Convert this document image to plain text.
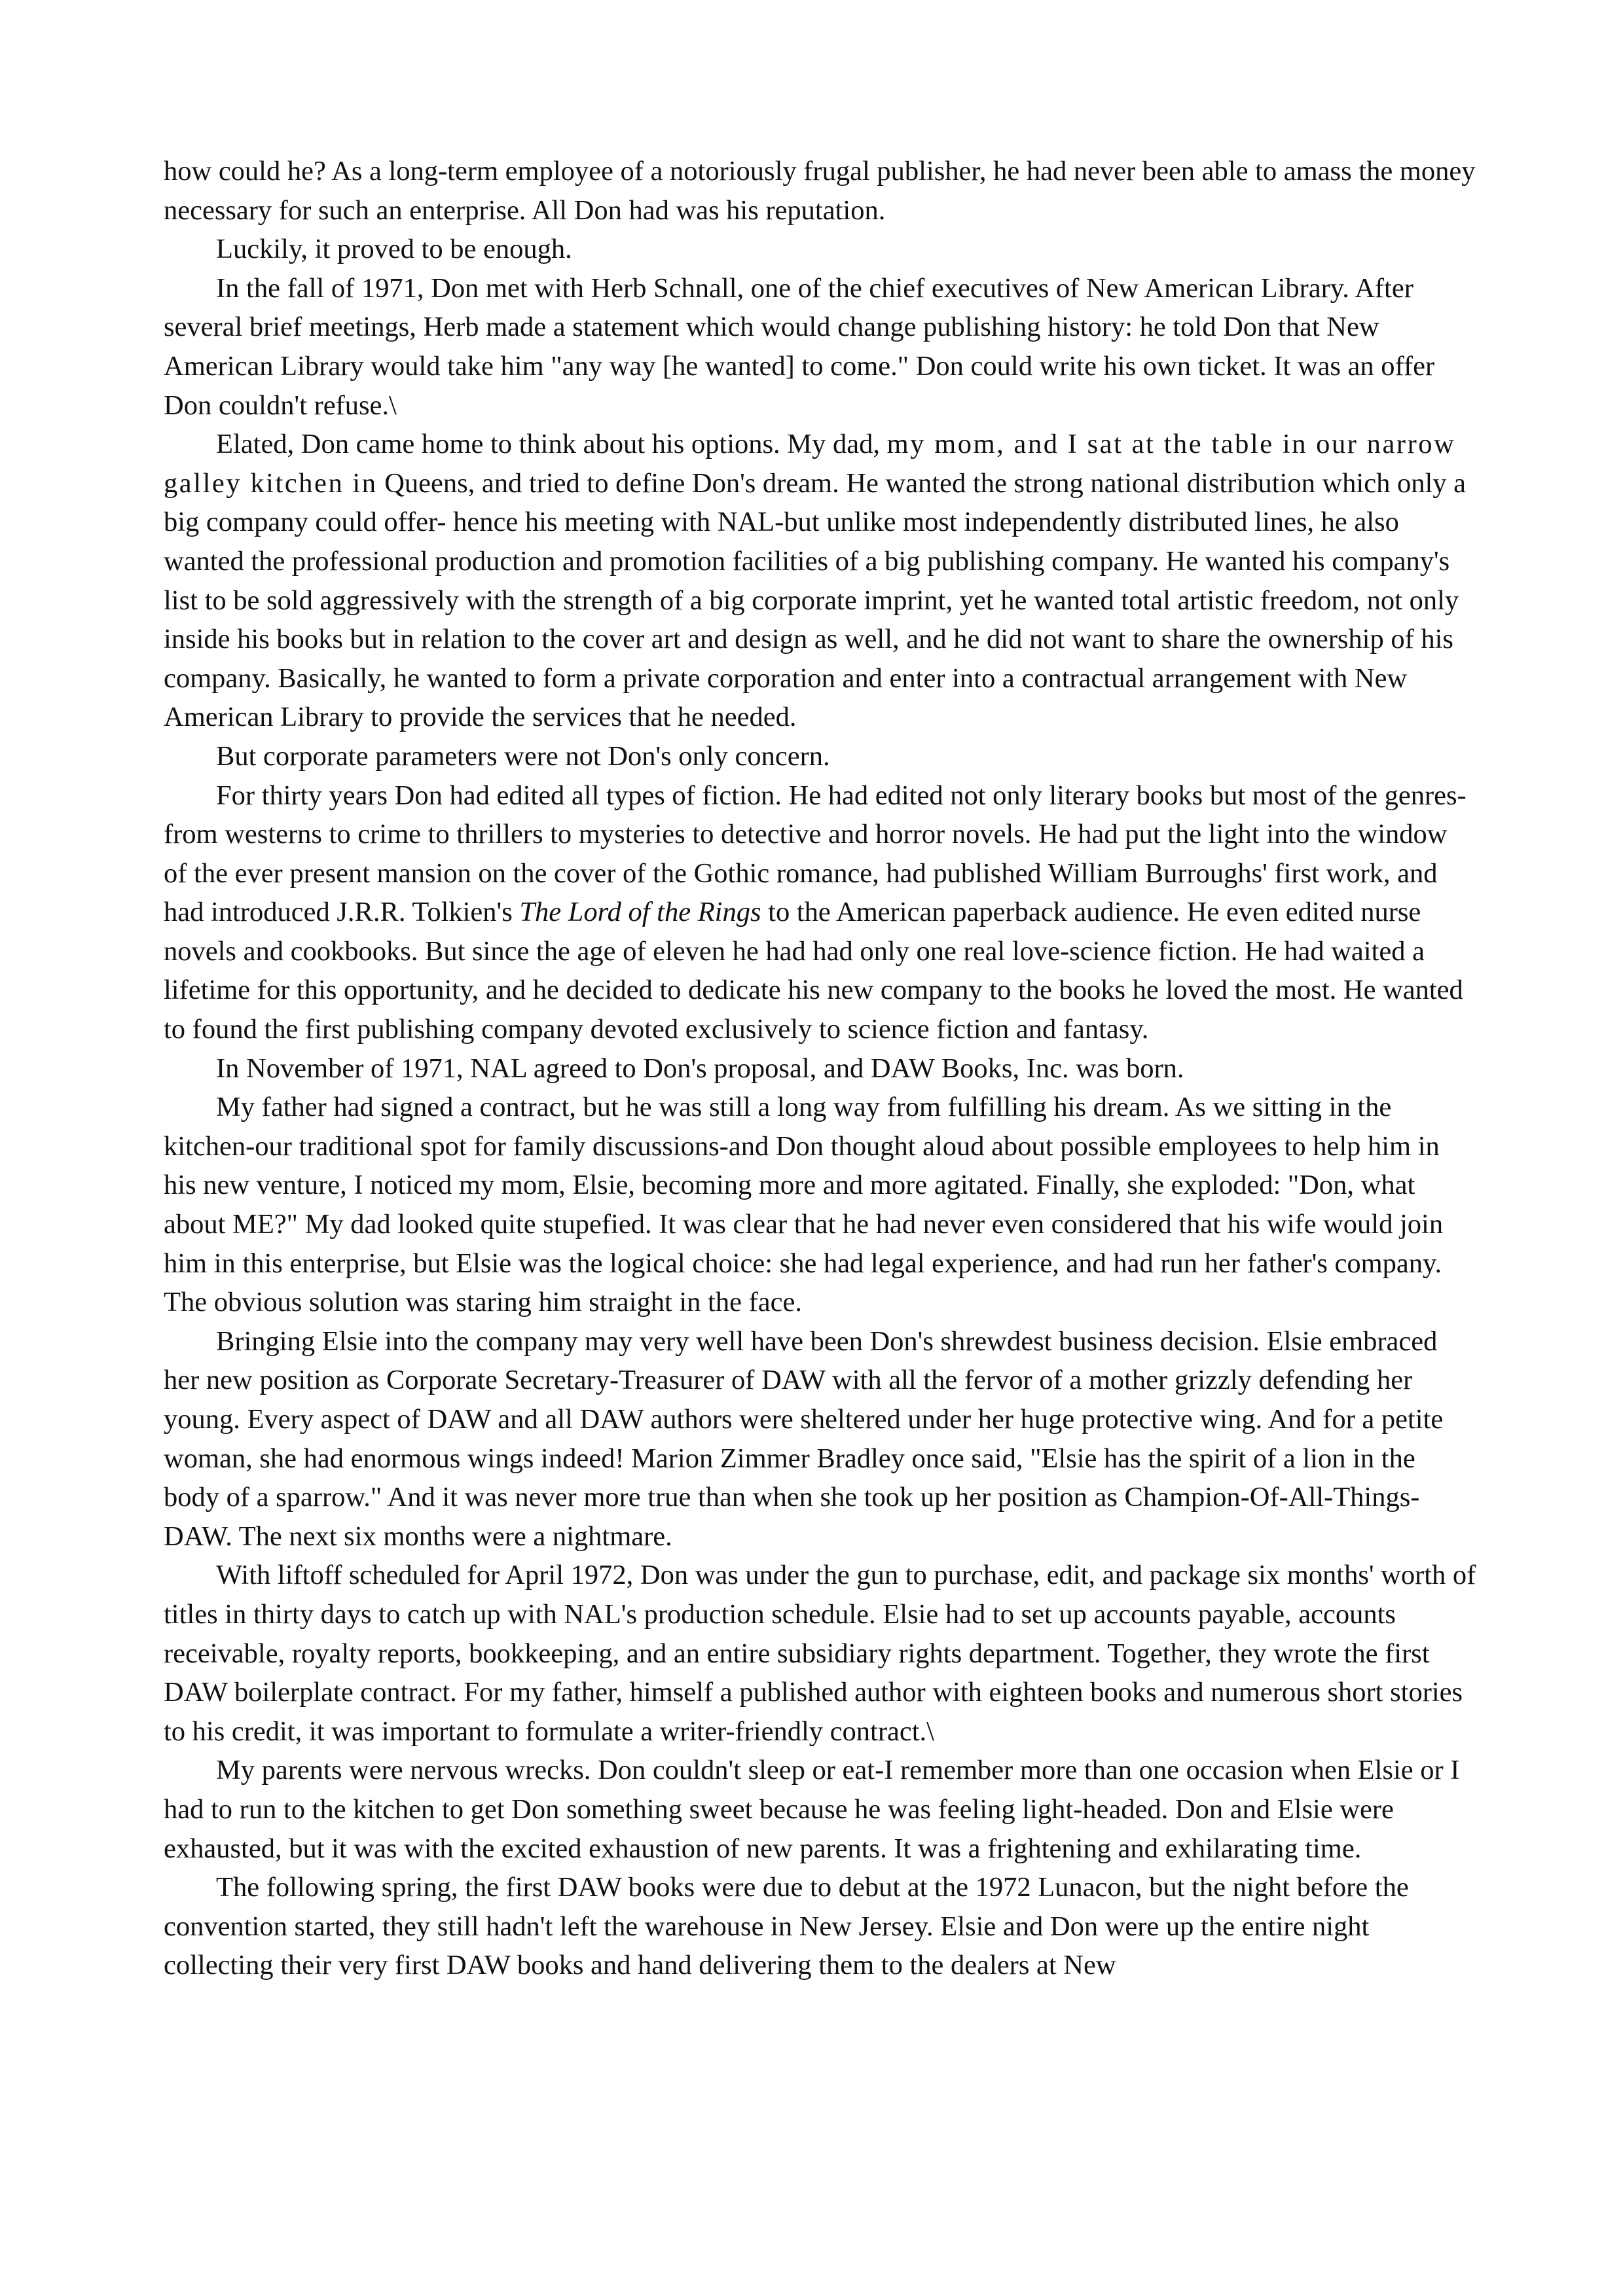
how could he? As a long-term employee of a notoriously frugal publisher, he had never been able to amass the money necessary for such an enterprise. All Don had was his reputation.

Luckily, it proved to be enough.

In the fall of 1971, Don met with Herb Schnall, one of the chief executives of New American Library. After several brief meetings, Herb made a statement which would change publishing history: he told Don that New American Library would take him "any way [he wanted] to come." Don could write his own ticket. It was an offer Don couldn't refuse.\

Elated, Don came home to think about his options. My dad, my mom, and I sat at the table in our narrow galley kitchen in Queens, and tried to define Don's dream. He wanted the strong national distribution which only a big company could offer- hence his meeting with NAL-but unlike most independently distributed lines, he also wanted the professional production and promotion facilities of a big publishing company. He wanted his company's list to be sold aggressively with the strength of a big corporate imprint, yet he wanted total artistic freedom, not only inside his books but in relation to the cover art and design as well, and he did not want to share the ownership of his company. Basically, he wanted to form a private corporation and enter into a contractual arrangement with New American Library to provide the services that he needed.

But corporate parameters were not Don's only concern.

For thirty years Don had edited all types of fiction. He had edited not only literary books but most of the genres-from westerns to crime to thrillers to mysteries to detective and horror novels. He had put the light into the window of the ever present mansion on the cover of the Gothic romance, had published William Burroughs' first work, and had introduced J.R.R. Tolkien's The Lord of the Rings to the American paperback audience. He even edited nurse novels and cookbooks. But since the age of eleven he had had only one real love-science fiction. He had waited a lifetime for this opportunity, and he decided to dedicate his new company to the books he loved the most. He wanted to found the first publishing company devoted exclusively to science fiction and fantasy.

In November of 1971, NAL agreed to Don's proposal, and DAW Books, Inc. was born.

My father had signed a contract, but he was still a long way from fulfilling his dream. As we sitting in the kitchen-our traditional spot for family discussions-and Don thought aloud about possible employees to help him in his new venture, I noticed my mom, Elsie, becoming more and more agitated. Finally, she exploded: "Don, what about ME?" My dad looked quite stupefied. It was clear that he had never even considered that his wife would join him in this enterprise, but Elsie was the logical choice: she had legal experience, and had run her father's company. The obvious solution was staring him straight in the face.

Bringing Elsie into the company may very well have been Don's shrewdest business decision. Elsie embraced her new position as Corporate Secretary-Treasurer of DAW with all the fervor of a mother grizzly defending her young. Every aspect of DAW and all DAW authors were sheltered under her huge protective wing. And for a petite woman, she had enormous wings indeed! Marion Zimmer Bradley once said, "Elsie has the spirit of a lion in the body of a sparrow." And it was never more true than when she took up her position as Champion-Of-All-Things-DAW. The next six months were a nightmare.

With liftoff scheduled for April 1972, Don was under the gun to purchase, edit, and package six months' worth of titles in thirty days to catch up with NAL's production schedule. Elsie had to set up accounts payable, accounts receivable, royalty reports, bookkeeping, and an entire subsidiary rights department. Together, they wrote the first DAW boilerplate contract. For my father, himself a published author with eighteen books and numerous short stories to his credit, it was important to formulate a writer-friendly contract.\

My parents were nervous wrecks. Don couldn't sleep or eat-I remember more than one occasion when Elsie or I had to run to the kitchen to get Don something sweet because he was feeling light-headed. Don and Elsie were exhausted, but it was with the excited exhaustion of new parents. It was a frightening and exhilarating time.

The following spring, the first DAW books were due to debut at the 1972 Lunacon, but the night before the convention started, they still hadn't left the warehouse in New Jersey. Elsie and Don were up the entire night collecting their very first DAW books and hand delivering them to the dealers at New
